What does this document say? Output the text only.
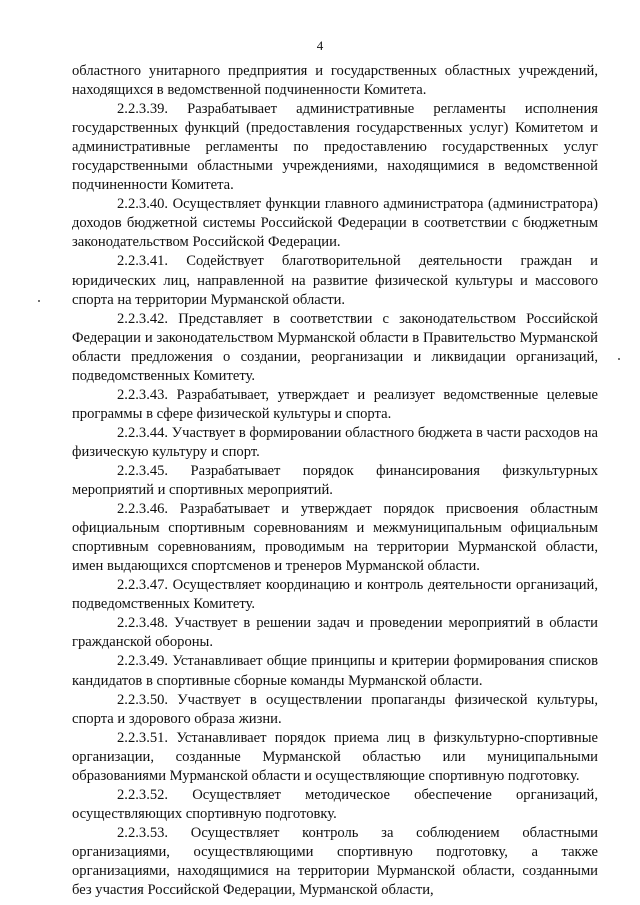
4

областного унитарного предприятия и государственных областных учреждений, находящихся в ведомственной подчиненности Комитета.

2.2.3.39. Разрабатывает административные регламенты исполнения государственных функций (предоставления государственных услуг) Комитетом и административные регламенты по предоставлению государственных услуг государственными областными учреждениями, находящимися в ведомственной подчиненности Комитета.

2.2.3.40. Осуществляет функции главного администратора (администратора) доходов бюджетной системы Российской Федерации в соответствии с бюджетным законодательством Российской Федерации.

2.2.3.41. Содействует благотворительной деятельности граждан и юридических лиц, направленной на развитие физической культуры и массового спорта на территории Мурманской области.

2.2.3.42. Представляет в соответствии с законодательством Российской Федерации и законодательством Мурманской области в Правительство Мурманской области предложения о создании, реорганизации и ликвидации организаций, подведомственных Комитету.

2.2.3.43. Разрабатывает, утверждает и реализует ведомственные целевые программы в сфере физической культуры и спорта.

2.2.3.44. Участвует в формировании областного бюджета в части расходов на физическую культуру и спорт.

2.2.3.45. Разрабатывает порядок финансирования физкультурных мероприятий и спортивных мероприятий.

2.2.3.46. Разрабатывает и утверждает порядок присвоения областным официальным спортивным соревнованиям и межмуниципальным официальным спортивным соревнованиям, проводимым на территории Мурманской области, имен выдающихся спортсменов и тренеров Мурманской области.

2.2.3.47. Осуществляет координацию и контроль деятельности организаций, подведомственных Комитету.

2.2.3.48. Участвует в решении задач и проведении мероприятий в области гражданской обороны.

2.2.3.49. Устанавливает общие принципы и критерии формирования списков кандидатов в спортивные сборные команды Мурманской области.

2.2.3.50. Участвует в осуществлении пропаганды физической культуры, спорта и здорового образа жизни.

2.2.3.51. Устанавливает порядок приема лиц в физкультурно-спортивные организации, созданные Мурманской областью или муниципальными образованиями Мурманской области и осуществляющие спортивную подготовку.

2.2.3.52. Осуществляет методическое обеспечение организаций, осуществляющих спортивную подготовку.

2.2.3.53. Осуществляет контроль за соблюдением областными организациями, осуществляющими спортивную подготовку, а также организациями, находящимися на территории Мурманской области, созданными без участия Российской Федерации, Мурманской области,
